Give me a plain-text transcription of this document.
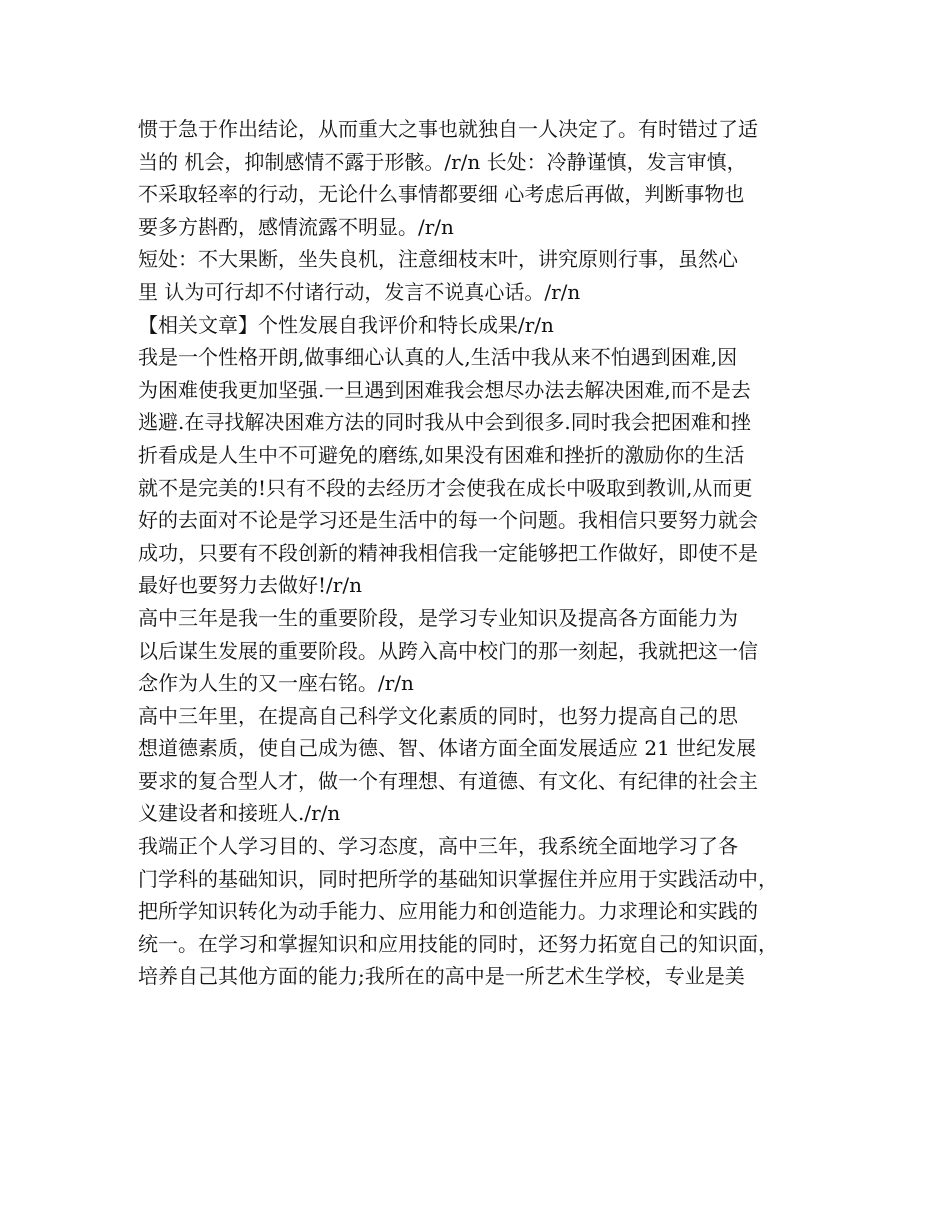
惯于急于作出结论，从而重大之事也就独自一人决定了。有时错过了适
当的 机会，抑制感情不露于形骸。/r/n 长处：冷静谨慎，发言审慎，
不采取轻率的行动，无论什么事情都要细 心考虑后再做，判断事物也
要多方斟酌，感情流露不明显。/r/n
短处：不大果断，坐失良机，注意细枝末叶，讲究原则行事，虽然心
里 认为可行却不付诸行动，发言不说真心话。/r/n
【相关文章】个性发展自我评价和特长成果/r/n
我是一个性格开朗,做事细心认真的人,生活中我从来不怕遇到困难,因
为困难使我更加坚强.一旦遇到困难我会想尽办法去解决困难,而不是去
逃避.在寻找解决困难方法的同时我从中会到很多.同时我会把困难和挫
折看成是人生中不可避免的磨练,如果没有困难和挫折的激励你的生活
就不是完美的!只有不段的去经历才会使我在成长中吸取到教训,从而更
好的去面对不论是学习还是生活中的每一个问题。我相信只要努力就会
成功，只要有不段创新的精神我相信我一定能够把工作做好，即使不是
最好也要努力去做好!/r/n
高中三年是我一生的重要阶段，是学习专业知识及提高各方面能力为
以后谋生发展的重要阶段。从跨入高中校门的那一刻起，我就把这一信
念作为人生的又一座右铭。/r/n
高中三年里，在提高自己科学文化素质的同时，也努力提高自己的思
想道德素质，使自己成为德、智、体诸方面全面发展适应 21 世纪发展
要求的复合型人才，做一个有理想、有道德、有文化、有纪律的社会主
义建设者和接班人./r/n
我端正个人学习目的、学习态度，高中三年，我系统全面地学习了各
门学科的基础知识，同时把所学的基础知识掌握住并应用于实践活动中，
把所学知识转化为动手能力、应用能力和创造能力。力求理论和实践的
统一。在学习和掌握知识和应用技能的同时，还努力拓宽自己的知识面，
培养自己其他方面的能力;我所在的高中是一所艺术生学校，专业是美
